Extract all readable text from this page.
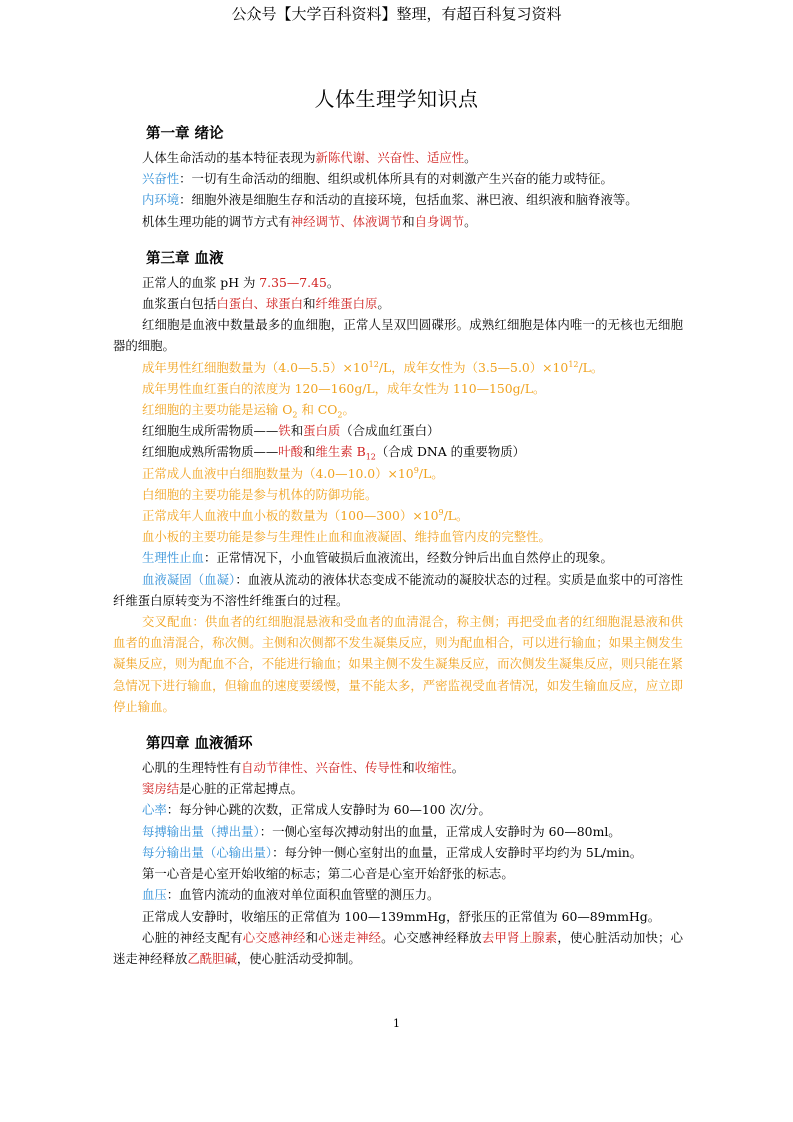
公众号【大学百科资料】整理，有超百科复习资料
人体生理学知识点
第一章 绪论

人体生命活动的基本特征表现为新陈代谢、兴奋性、适应性。

兴奋性：一切有生命活动的细胞、组织或机体所具有的对刺激产生兴奋的能力或特征。

内环境：细胞外液是细胞生存和活动的直接环境，包括血浆、淋巴液、组织液和脑脊液等。

机体生理功能的调节方式有神经调节、体液调节和自身调节。

第三章 血液

正常人的血浆 pH 为 7.35—7.45。

血浆蛋白包括白蛋白、球蛋白和纤维蛋白原。

红细胞是血液中数量最多的血细胞，正常人呈双凹圆碟形。成熟红细胞是体内唯一的无核也无细胞器的细胞。

成年男性红细胞数量为$(4.0—5.5)\times 10^{12}/L$，成年女性为$(3.5—5.0)\times 10^{12}/L$。

成年男性血红蛋白的浓度为 120—160g/L，成年女性为 110—150g/L。

红细胞的主要功能是运输 $O_2$ 和 $CO_2$。

红细胞生成所需物质——铁和蛋白质（合成血红蛋白）

红细胞成熟所需物质——叶酸和维生素 $B_{12}$（合成 DNA 的重要物质）

正常成人血液中白细胞数量为$(4.0—10.0)\times 10^9/L$。

白细胞的主要功能是参与机体的防御功能。

正常成年人血液中血小板的数量为$(100—300)\times 10^9/L$。

血小板的主要功能是参与生理性止血和血液凝固、维持血管内皮的完整性。

生理性止血：正常情况下，小血管破损后血液流出，经数分钟后出血自然停止的现象。

血液凝固（血凝）：血液从流动的液体状态变成不能流动的凝胶状态的过程。实质是血浆中的可溶性纤维蛋白原转变为不溶性纤维蛋白的过程。

交叉配血：供血者的红细胞混悬液和受血者的血清混合，称主侧；再把受血者的红细胞混悬液和供血者的血清混合，称次侧。主侧和次侧都不发生凝集反应，则为配血相合，可以进行输血；如果主侧发生凝集反应，则为配血不合，不能进行输血；如果主侧不发生凝集反应，而次侧发生凝集反应，则只能在紧急情况下进行输血，但输血的速度要缓慢，量不能太多，严密监视受血者情况，如发生输血反应，应立即停止输血。

第四章 血液循环

心肌的生理特性有自动节律性、兴奋性、传导性和收缩性。

窦房结是心脏的正常起搏点。

心率：每分钟心跳的次数，正常成人安静时为 60—100 次/分。

每搏输出量（搏出量）：一侧心室每次搏动射出的血量，正常成人安静时为 60—80ml。

每分输出量（心输出量）：每分钟一侧心室射出的血量，正常成人安静时平均约为 5L/min。

第一心音是心室开始收缩的标志；第二心音是心室开始舒张的标志。

血压：血管内流动的血液对单位面积血管壁的测压力。

正常成人安静时，收缩压的正常值为 100—139mmHg，舒张压的正常值为 60—89mmHg。

心脏的神经支配有心交感神经和心迷走神经。心交感神经释放去甲肾上腺素，使心脏活动加快；心迷走神经释放乙酰胆碱，使心脏活动受抑制。

1
